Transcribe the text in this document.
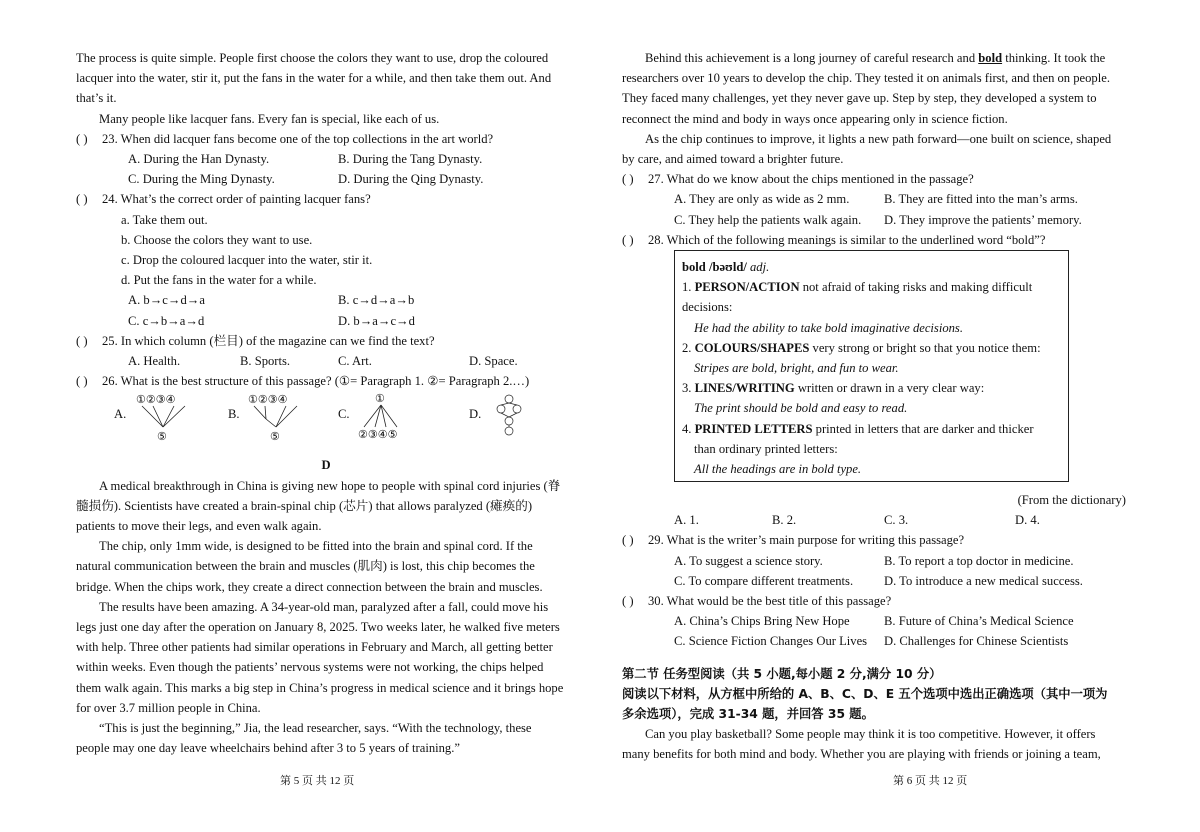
The process is quite simple. People first choose the colors they want to use, drop the coloured
lacquer into the water, stir it, put the fans in the water for a while, and then take them out. And
that’s it.
Many people like lacquer fans. Every fan is special, like each of us.
( )	23. When did lacquer fans become one of the top collections in the art world?
A. During the Han Dynasty.	B. During the Tang Dynasty.
C. During the Ming Dynasty.	D. During the Qing Dynasty.
( )	24. What’s the correct order of painting lacquer fans?
a. Take them out.
b. Choose the colors they want to use.
c. Drop the coloured lacquer into the water, stir it.
d. Put the fans in the water for a while.
A. b→c→d→a	B. c→d→a→b
C. c→b→a→d	D. b→a→c→d
( )	25. In which column (栏目) of the magazine can we find the text?
A. Health.	B. Sports.	C. Art.	D. Space.
( )	26. What is the best structure of this passage? (①= Paragraph 1. ②= Paragraph 2.…)
A.
①②③④
⑤
B.
①②③④
⑤
C.
①
②③④⑤
D.
D
A medical breakthrough in China is giving new hope to people with spinal cord injuries (脊
髓损伤). Scientists have created a brain-spinal chip (芯片) that allows paralyzed (瘫痪的)
patients to move their legs, and even walk again.
The chip, only 1mm wide, is designed to be fitted into the brain and spinal cord. If the
natural communication between the brain and muscles (肌肉) is lost, this chip becomes the
bridge. When the chips work, they create a direct connection between the brain and muscles.
The results have been amazing. A 34-year-old man, paralyzed after a fall, could move his
legs just one day after the operation on January 8, 2025. Two weeks later, he walked five meters
with help. Three other patients had similar operations in February and March, all getting better
within weeks. Even though the patients’ nervous systems were not working, the chips helped
them walk again. This marks a big step in China’s progress in medical science and it brings hope
for over 3.7 million people in China.
“This is just the beginning,” Jia, the lead researcher, says. “With the technology, these
people may one day leave wheelchairs behind after 3 to 5 years of training.”
Behind this achievement is a long journey of careful research and bold thinking. It took the
researchers over 10 years to develop the chip. They tested it on animals first, and then on people.
They faced many challenges, yet they never gave up. Step by step, they developed a system to
reconnect the mind and body in ways once appearing only in science fiction.
As the chip continues to improve, it lights a new path forward—one built on science, shaped
by care, and aimed toward a brighter future.
( )	27. What do we know about the chips mentioned in the passage?
A. They are only as wide as 2 mm.	B. They are fitted into the man’s arms.
C. They help the patients walk again.	D. They improve the patients’ memory.
( )	28. Which of the following meanings is similar to the underlined word “bold”?
bold /bəʊld/ adj.
1. PERSON/ACTION not afraid of taking risks and making difficult decisions:
He had the ability to take bold imaginative decisions.
2. COLOURS/SHAPES very strong or bright so that you notice them:
Stripes are bold, bright, and fun to wear.
3. LINES/WRITING written or drawn in a very clear way:
The print should be bold and easy to read.
4. PRINTED LETTERS printed in letters that are darker and thicker
than ordinary printed letters:
All the headings are in bold type.
(From the dictionary)
A. 1.	B. 2.	C. 3.	D. 4.
( )	29. What is the writer’s main purpose for writing this passage?
A. To suggest a science story.	B. To report a top doctor in medicine.
C. To compare different treatments.	D. To introduce a new medical success.
( )	30. What would be the best title of this passage?
A. China’s Chips Bring New Hope	B. Future of China’s Medical Science
C. Science Fiction Changes Our Lives	D. Challenges for Chinese Scientists
第二节 任务型阅读（共 5 小题,每小题 2 分,满分 10 分）
阅读以下材料，从方框中所给的 A、B、C、D、E 五个选项中选出正确选项（其中一项为
多余选项），完成 31-34 题，并回答 35 题。
Can you play basketball? Some people may think it is too competitive. However, it offers
many benefits for both mind and body. Whether you are playing with friends or joining a team,
第 5 页 共 12 页	第 6 页 共 12 页
